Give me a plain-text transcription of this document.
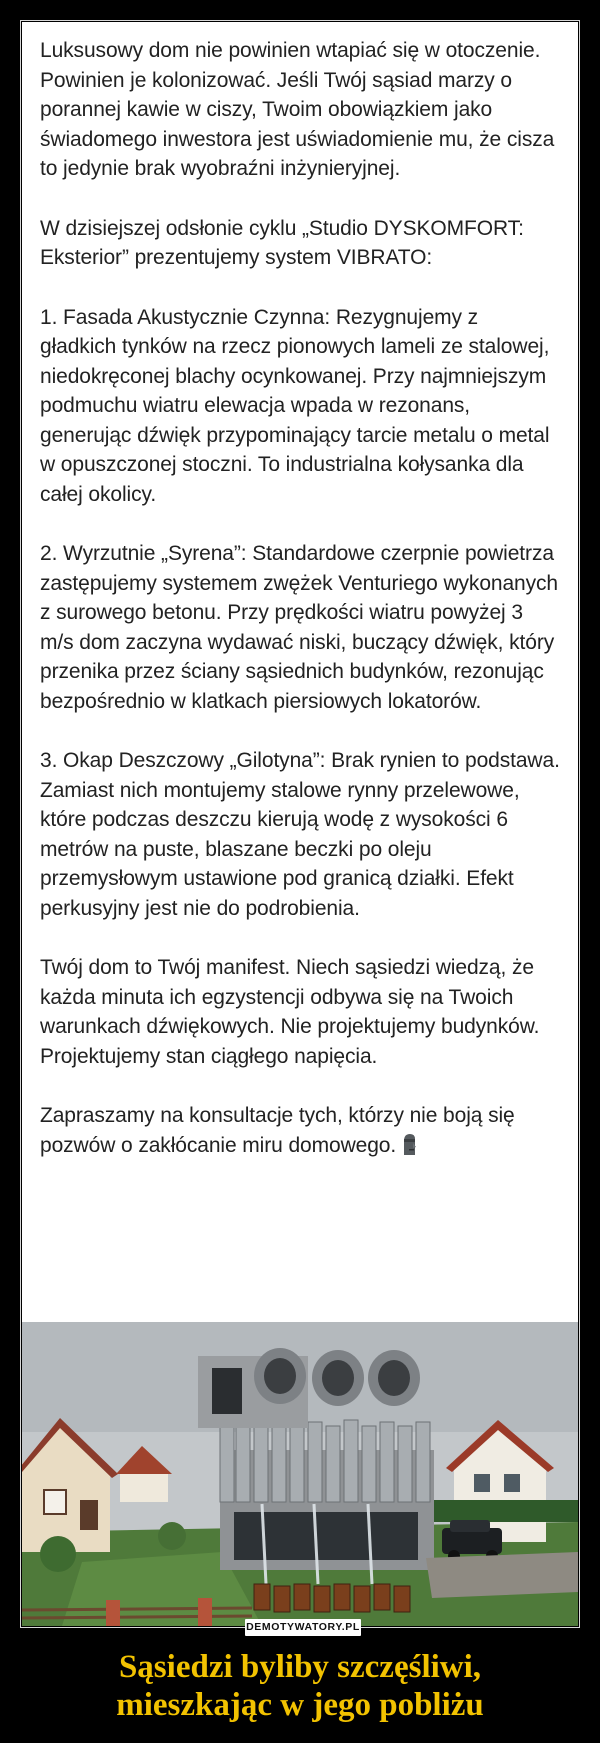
Luksusowy dom nie powinien wtapiać się w otoczenie. Powinien je kolonizować. Jeśli Twój sąsiad marzy o porannej kawie w ciszy, Twoim obowiązkiem jako świadomego inwestora jest uświadomienie mu, że cisza to jedynie brak wyobraźni inżynieryjnej.

W dzisiejszej odsłonie cyklu „Studio DYSKOMFORT: Eksterior” prezentujemy system VIBRATO:

1. Fasada Akustycznie Czynna: Rezygnujemy z gładkich tynków na rzecz pionowych lameli ze stalowej, niedokręconej blachy ocynkowanej. Przy najmniejszym podmuchu wiatru elewacja wpada w rezonans, generując dźwięk przypominający tarcie metalu o metal w opuszczonej stoczni. To industrialna kołysanka dla całej okolicy.

2. Wyrzutnie „Syrena”: Standardowe czerpnie powietrza zastępujemy systemem zwężek Venturiego wykonanych z surowego betonu. Przy prędkości wiatru powyżej 3 m/s dom zaczyna wydawać niski, buczący dźwięk, który przenika przez ściany sąsiednich budynków, rezonując bezpośrednio w klatkach piersiowych lokatorów.

3. Okap Deszczowy „Gilotyna”: Brak rynien to podstawa. Zamiast nich montujemy stalowe rynny przelewowe, które podczas deszczu kierują wodę z wysokości 6 metrów na puste, blaszane beczki po oleju przemysłowym ustawione pod granicą działki. Efekt perkusyjny jest nie do podrobienia.

Twój dom to Twój manifest. Niech sąsiedzi wiedzą, że każda minuta ich egzystencji odbywa się na Twoich warunkach dźwiękowych. Nie projektujemy budynków. Projektujemy stan ciągłego napięcia.

Zapraszamy na konsultacje tych, którzy nie boją się pozwów o zakłócanie miru domowego.

DEMOTYWATORY.PL
Sąsiedzi byliby szczęśliwi,
mieszkając w jego pobliżu
